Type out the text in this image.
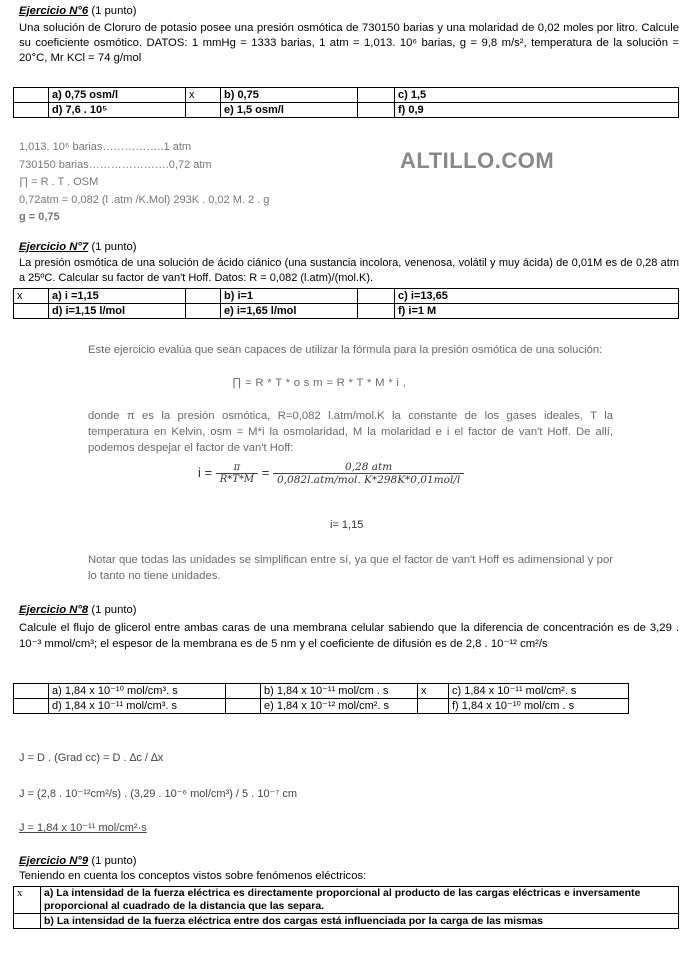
Ejercicio N°6 (1 punto)
Una solución de Cloruro de potasio posee una presión osmótica de 730150 barias y una molaridad de 0,02 moles por litro. Calcule su coeficiente osmótico. DATOS: 1 mmHg = 1333 barias, 1 atm = 1,013. 10⁶ barias, g = 9,8 m/s², temperatura de la solución = 20°C, Mr KCl = 74 g/mol
	a) 0,75 osm/l	x	b) 0,75		c) 1,5
	d) 7,6 . 10⁵		e) 1,5 osm/l		f) 0,9
1,013. 10⁶ barias……………..1 atm
730150 barias………………….0,72 atm
∏ = R . T . OSM
0,72atm = 0,082 (l .atm /K.Mol) 293K . 0,02 M. 2 . g
g = 0,75
ALTILLO.COM
Ejercicio N°7 (1 punto)
La presión osmótica de una solución de ácido ciánico (una sustancia incolora, venenosa, volátil y muy ácida) de 0,01M es de 0,28 atm a 25ºC. Calcular su factor de van't Hoff. Datos: R = 0,082 (l.atm)/(mol.K).
x	a) i =1,15		b) i=1		c) i=13,65
	d) i=1,15 l/mol		e) i=1,65 l/mol		f) i=1 M
Este ejercicio evalúa que sean capaces de utilizar la fórmula para la presión osmótica de una solución:
∏ = R * T * o s m = R * T * M * i ,
donde π es la presión osmótica, R=0,082 l.atm/mol.K la constante de los gases ideales, T la temperatura en Kelvin, osm = M*i la osmolaridad, M la molaridad e i el factor de van't Hoff. De allí, podemos despejar el factor de van't Hoff:
$i = \frac{\pi}{R*T*M} = \frac{\text{0,28 atm}}{\text{0,082l.atm/mol. K*298K*0,01mol/l}}$
i= 1,15
Notar que todas las unidades se simplifican entre sí, ya que el factor de van't Hoff es adimensional y por lo tanto no tiene unidades.
Ejercicio N°8 (1 punto)
Calcule el flujo de glicerol entre ambas caras de una membrana celular sabiendo que la diferencia de concentración es de 3,29 . 10⁻³ mmol/cm³; el espesor de la membrana es de 5 nm y el coeficiente de difusión es de 2,8 . 10⁻¹² cm²/s
	a) 1,84 x 10⁻¹⁰ mol/cm³. s		b) 1,84 x 10⁻¹¹ mol/cm . s	x	c) 1,84 x 10⁻¹¹ mol/cm². s
	d) 1,84 x 10⁻¹¹ mol/cm³. s		e) 1,84 x 10⁻¹² mol/cm². s		f) 1,84 x 10⁻¹⁰ mol/cm . s
J = D . (Grad cc) = D . ∆c / ∆x
J = (2,8 . 10⁻¹²cm²/s) . (3,29 . 10⁻⁶ mol/cm³) / 5 . 10⁻⁷ cm
J = 1,84 x 10⁻¹¹ mol/cm²·s
Ejercicio N°9 (1 punto)
Teniendo en cuenta los conceptos vistos sobre fenómenos eléctricos:
x	a) La intensidad de la fuerza eléctrica es directamente proporcional al producto de las cargas eléctricas e inversamente proporcional al cuadrado de la distancia que las separa.
	b) La intensidad de la fuerza eléctrica entre dos cargas está influenciada por la carga de las mismas
